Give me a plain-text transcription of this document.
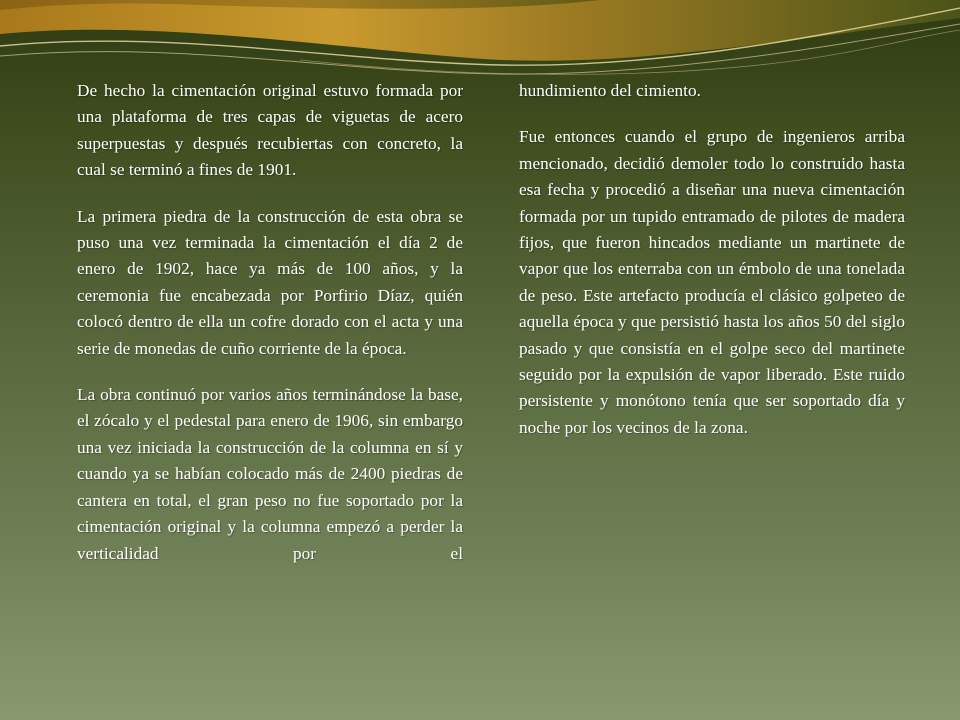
De hecho la cimentación original estuvo formada por una plataforma de tres capas de viguetas de acero superpuestas y después recubiertas con concreto, la cual se terminó a fines de 1901.

La primera piedra de la construcción de esta obra se puso una vez terminada la cimentación el día 2 de enero de 1902, hace ya más de 100 años, y la ceremonia fue encabezada por Porfirio Díaz, quién colocó dentro de ella un cofre dorado con el acta y una serie de monedas de cuño corriente de la época.

La obra continuó por varios años terminándose la base, el zócalo y el pedestal para enero de 1906, sin embargo una vez iniciada la construcción de la columna en sí y cuando ya se habían colocado más de 2400 piedras de cantera en total, el gran peso no fue soportado por la cimentación original y la columna empezó a perder la verticalidad por el

hundimiento del cimiento.

Fue entonces cuando el grupo de ingenieros arriba mencionado, decidió demoler todo lo construido hasta esa fecha y procedió a diseñar una nueva cimentación formada por un tupido entramado de pilotes de madera fijos, que fueron hincados mediante un martinete de vapor que los enterraba con un émbolo de una tonelada de peso. Este artefacto producía el clásico golpeteo de aquella época y que persistió hasta los años 50 del siglo pasado y que consistía en el golpe seco del martinete seguido por la expulsión de vapor liberado. Este ruido persistente y monótono tenía que ser soportado día y noche por los vecinos de la zona.
